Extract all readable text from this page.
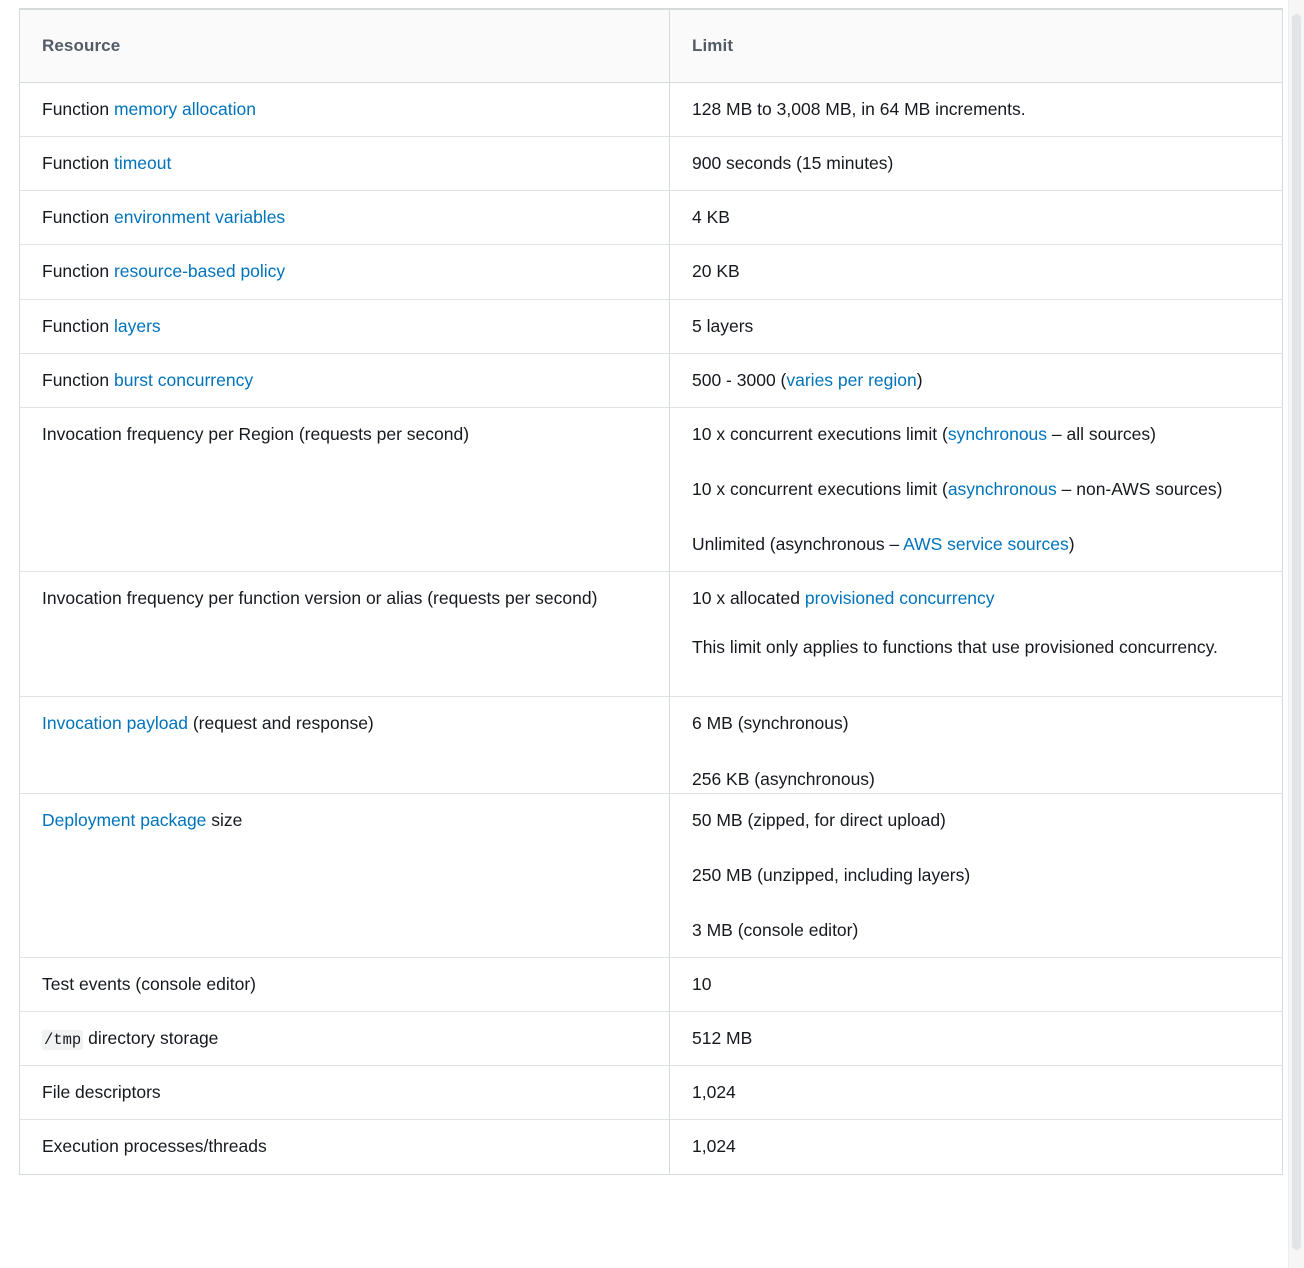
Resource	Limit

Function memory allocation	128 MB to 3,008 MB, in 64 MB increments.

Function timeout	900 seconds (15 minutes)

Function environment variables	4 KB

Function resource-based policy	20 KB

Function layers	5 layers

Function burst concurrency	500 - 3000 (varies per region)

Invocation frequency per Region (requests per second)	10 x concurrent executions limit (synchronous – all sources)

10 x concurrent executions limit (asynchronous – non-AWS sources)

Unlimited (asynchronous – AWS service sources)

Invocation frequency per function version or alias (requests per second)	10 x allocated provisioned concurrency

This limit only applies to functions that use provisioned concurrency.

Invocation payload (request and response)	6 MB (synchronous)

256 KB (asynchronous)

Deployment package size	50 MB (zipped, for direct upload)

250 MB (unzipped, including layers)

3 MB (console editor)

Test events (console editor)	10

/tmp directory storage	512 MB

File descriptors	1,024

Execution processes/threads	1,024
